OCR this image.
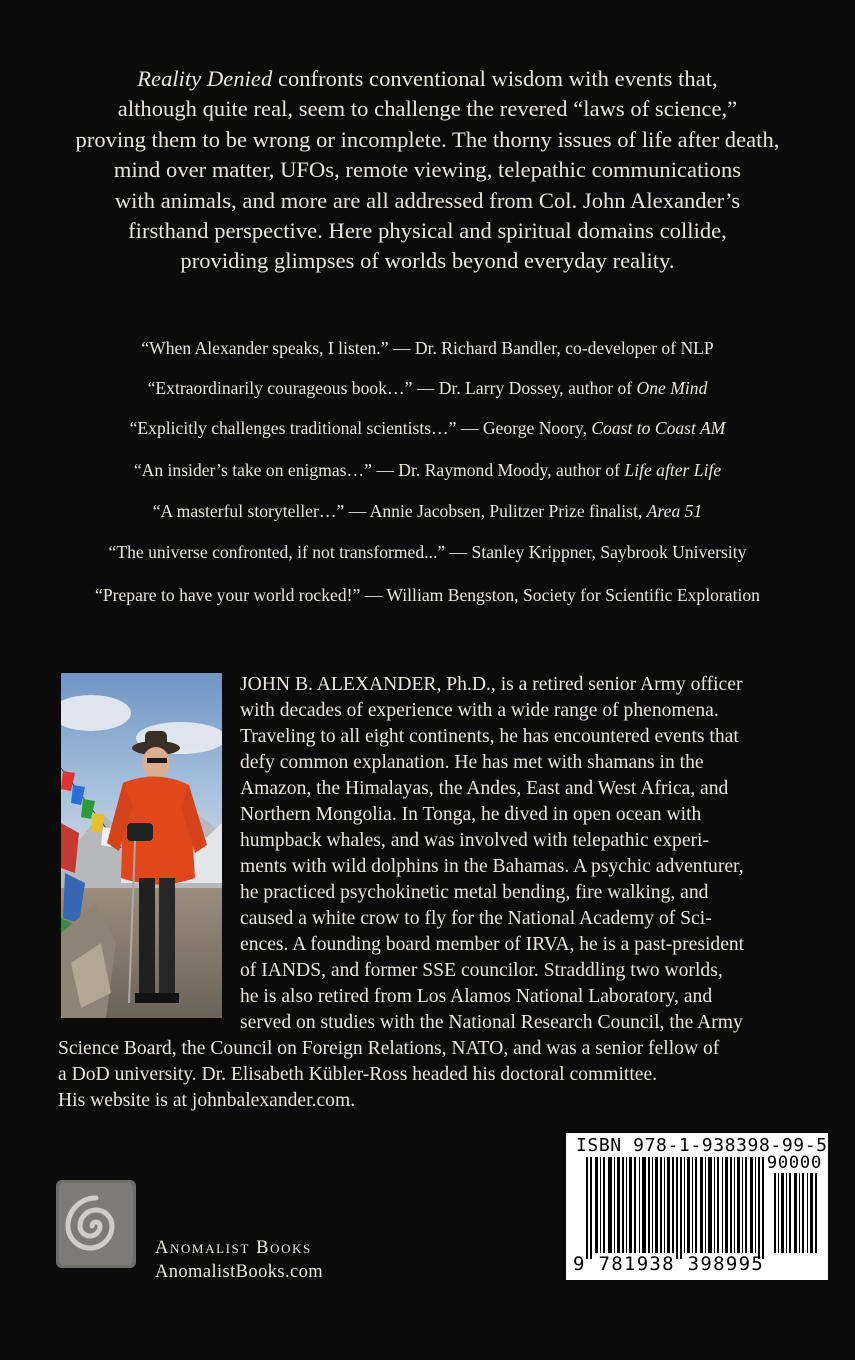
Reality Denied confronts conventional wisdom with events that,
although quite real, seem to challenge the revered “laws of science,”
proving them to be wrong or incomplete. The thorny issues of life after death,
mind over matter, UFOs, remote viewing, telepathic communications
with animals, and more are all addressed from Col. John Alexander’s
firsthand perspective. Here physical and spiritual domains collide,
providing glimpses of worlds beyond everyday reality.
“When Alexander speaks, I listen.” — Dr. Richard Bandler, co-developer of NLP
“Extraordinarily courageous book…” — Dr. Larry Dossey, author of One Mind
“Explicitly challenges traditional scientists…” — George Noory, Coast to Coast AM
“An insider’s take on enigmas…” — Dr. Raymond Moody, author of Life after Life
“A masterful storyteller…” — Annie Jacobsen, Pulitzer Prize finalist, Area 51
“The universe confronted, if not transformed...” — Stanley Krippner, Saybrook University
“Prepare to have your world rocked!” — William Bengston, Society for Scientific Exploration
JOHN B. ALEXANDER, Ph.D., is a retired senior Army officer
with decades of experience with a wide range of phenomena.
Traveling to all eight continents, he has encountered events that
defy common explanation. He has met with shamans in the
Amazon, the Himalayas, the Andes, East and West Africa, and
Northern Mongolia. In Tonga, he dived in open ocean with
humpback whales, and was involved with telepathic experi-
ments with wild dolphins in the Bahamas. A psychic adventurer,
he practiced psychokinetic metal bending, fire walking, and
caused a white crow to fly for the National Academy of Sci-
ences. A founding board member of IRVA, he is a past-president
of IANDS, and former SSE councilor. Straddling two worlds,
he is also retired from Los Alamos National Laboratory, and
served on studies with the National Research Council, the Army
Science Board, the Council on Foreign Relations, NATO, and was a senior fellow of
a DoD university. Dr. Elisabeth Kübler-Ross headed his doctoral committee.
His website is at johnbalexander.com.
Anomalist Books
AnomalistBooks.com
ISBN 978-1-938398-99-5
90000
9 781938 398995
